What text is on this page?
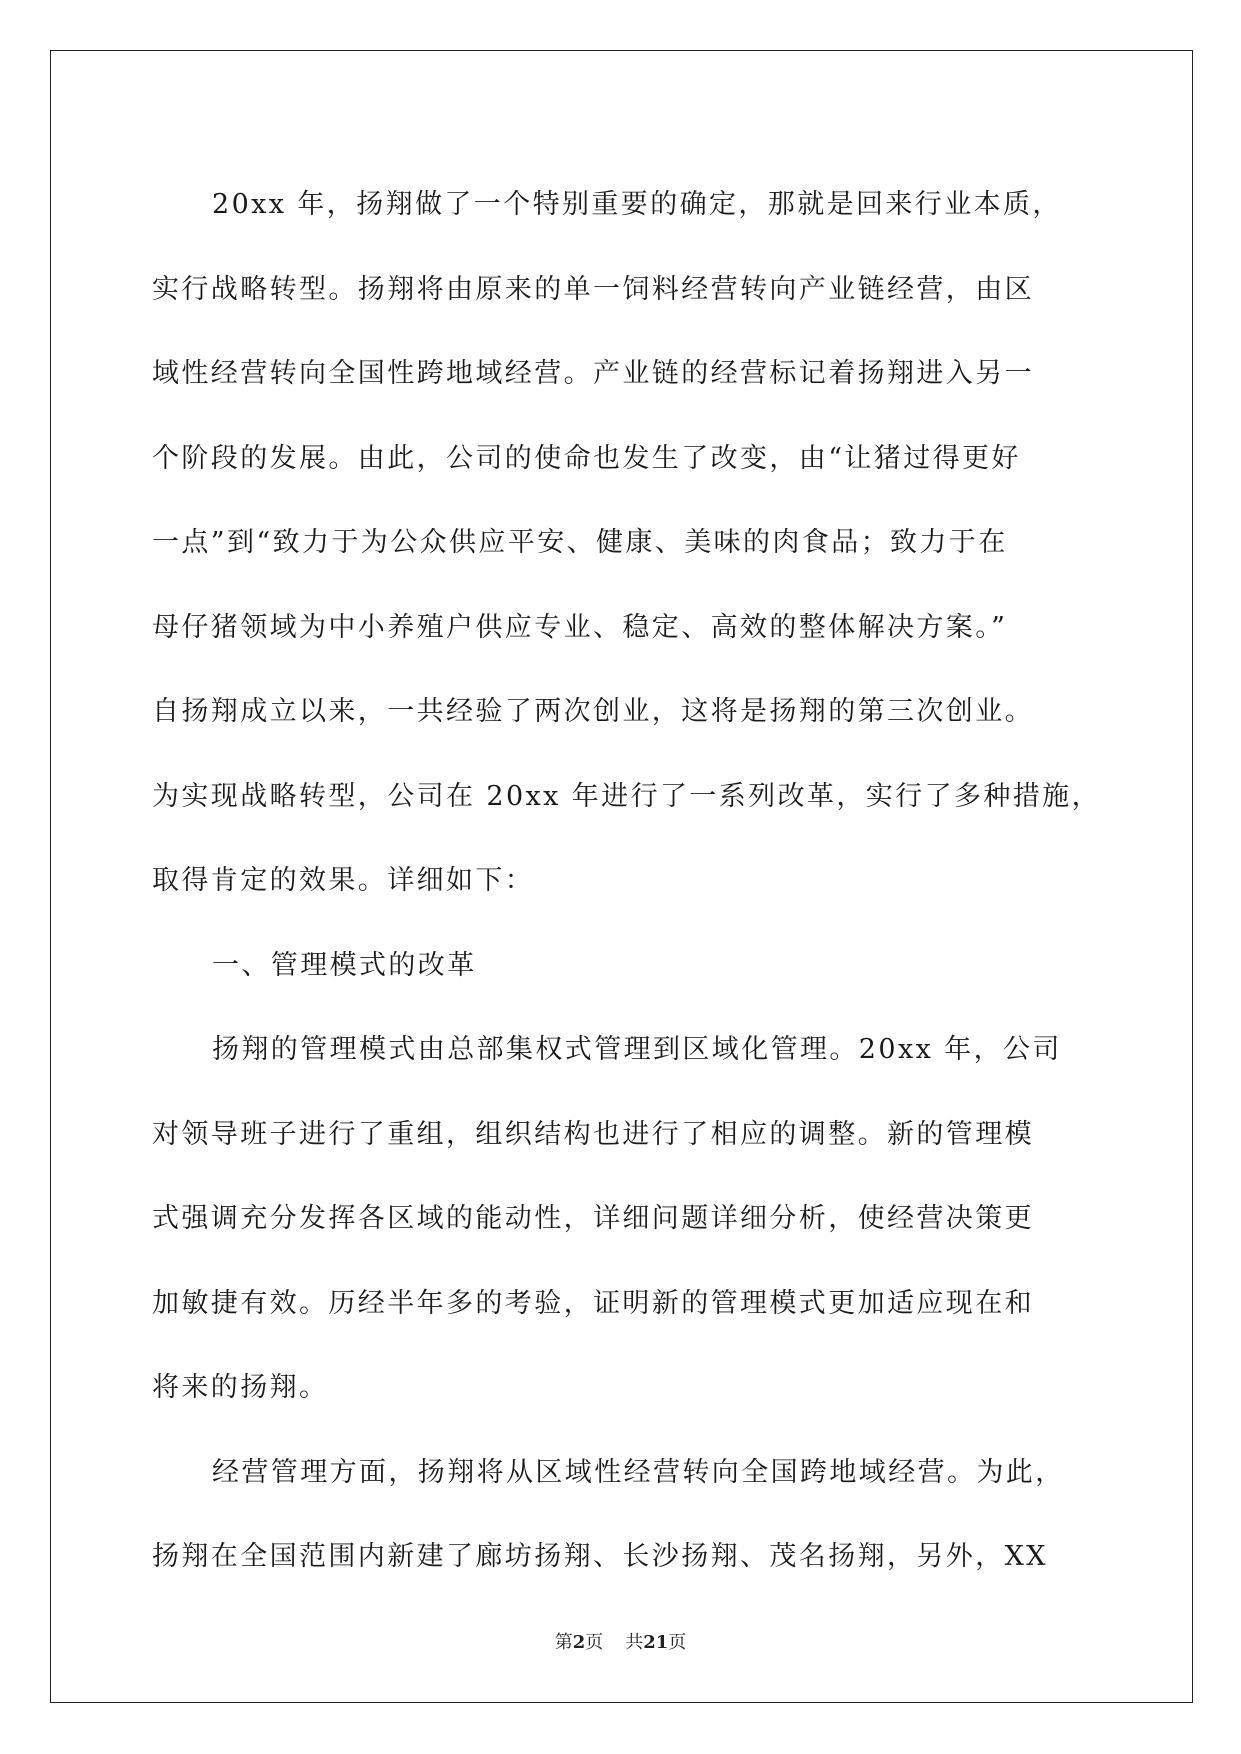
20xx 年，扬翔做了一个特别重要的确定，那就是回来行业本质，
实行战略转型。扬翔将由原来的单一饲料经营转向产业链经营，由区
域性经营转向全国性跨地域经营。产业链的经营标记着扬翔进入另一
个阶段的发展。由此，公司的使命也发生了改变，由“让猪过得更好
一点”到“致力于为公众供应平安、健康、美味的肉食品；致力于在
母仔猪领域为中小养殖户供应专业、稳定、高效的整体解决方案。”
自扬翔成立以来，一共经验了两次创业，这将是扬翔的第三次创业。
为实现战略转型，公司在 20xx 年进行了一系列改革，实行了多种措施，
取得肯定的效果。详细如下：
一、管理模式的改革
扬翔的管理模式由总部集权式管理到区域化管理。20xx 年，公司
对领导班子进行了重组，组织结构也进行了相应的调整。新的管理模
式强调充分发挥各区域的能动性，详细问题详细分析，使经营决策更
加敏捷有效。历经半年多的考验，证明新的管理模式更加适应现在和
将来的扬翔。
经营管理方面，扬翔将从区域性经营转向全国跨地域经营。为此，
扬翔在全国范围内新建了廊坊扬翔、长沙扬翔、茂名扬翔，另外，XX
第2页 共21页
